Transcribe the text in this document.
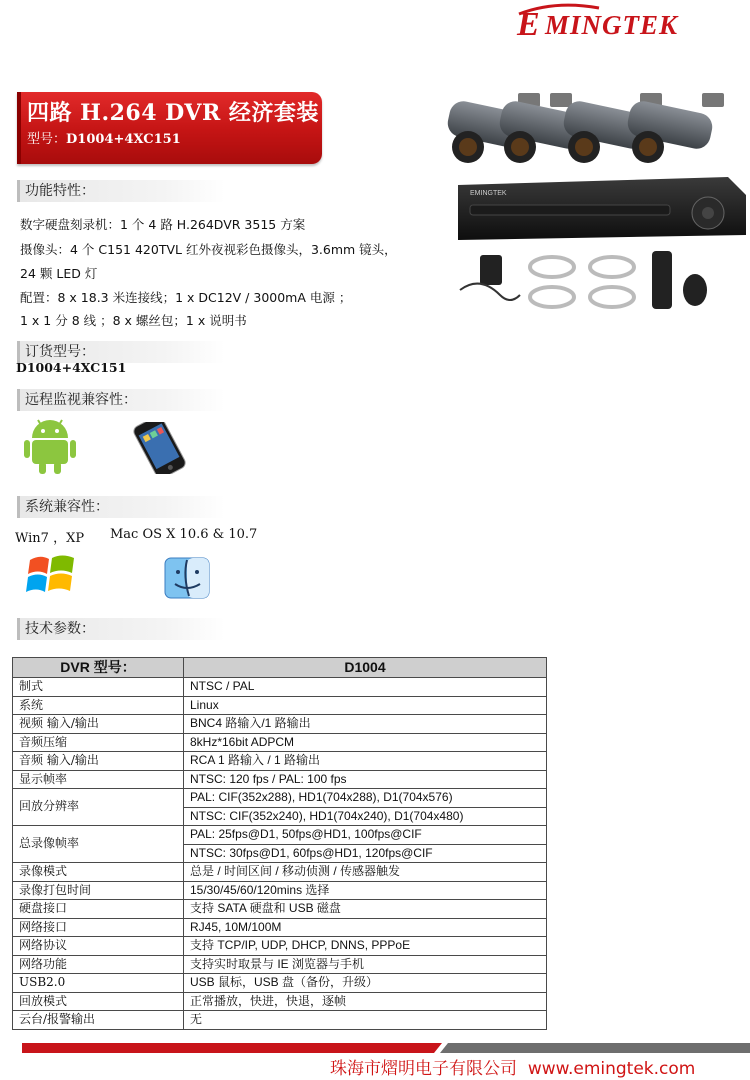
E MINGTEK
四路 H.264 DVR 经济套装
型号：D1004+4XC151
EMINGTEK
功能特性：
数字硬盘刻录机：1 个 4 路 H.264DVR 3515 方案
摄像头：4 个 C151 420TVL 红外夜视彩色摄像头，3.6mm 镜头，
24 颗 LED 灯
配置：8 x 18.3 米连接线；1 x DC12V / 3000mA 电源 ；
1 x 1 分 8 线 ；8 x 螺丝包；1 x 说明书
订货型号：
D1004+4XC151
远程监视兼容性：
系统兼容性：
Win7 ，XP Mac OS X 10.6 & 10.7
技术参数：
DVR 型号：	D1004
制式	NTSC / PAL
系统	Linux
视频 输入/输出	BNC4 路输入/1 路输出
音频压缩	8kHz*16bit ADPCM
音频 输入/输出	RCA 1 路输入 / 1 路输出
显示帧率	NTSC: 120 fps / PAL: 100 fps
回放分辨率	PAL: CIF(352x288), HD1(704x288), D1(704x576)
	NTSC: CIF(352x240), HD1(704x240), D1(704x480)
总录像帧率	PAL: 25fps@D1, 50fps@HD1, 100fps@CIF
	NTSC: 30fps@D1, 60fps@HD1, 120fps@CIF
录像模式	总是 / 时间区间 / 移动侦测 / 传感器触发
录像打包时间	15/30/45/60/120mins 选择
硬盘接口	支持 SATA 硬盘和 USB 磁盘
网络接口	RJ45, 10M/100M
网络协议	支持 TCP/IP, UDP, DHCP, DNNS, PPPoE
网络功能	支持实时取景与 IE 浏览器与手机
USB2.0	USB 鼠标，USB 盘（备份，升级）
回放模式	正常播放，快进，快退，逐帧
云台/报警输出	无
珠海市熠明电子有限公司 www.emingtek.com
